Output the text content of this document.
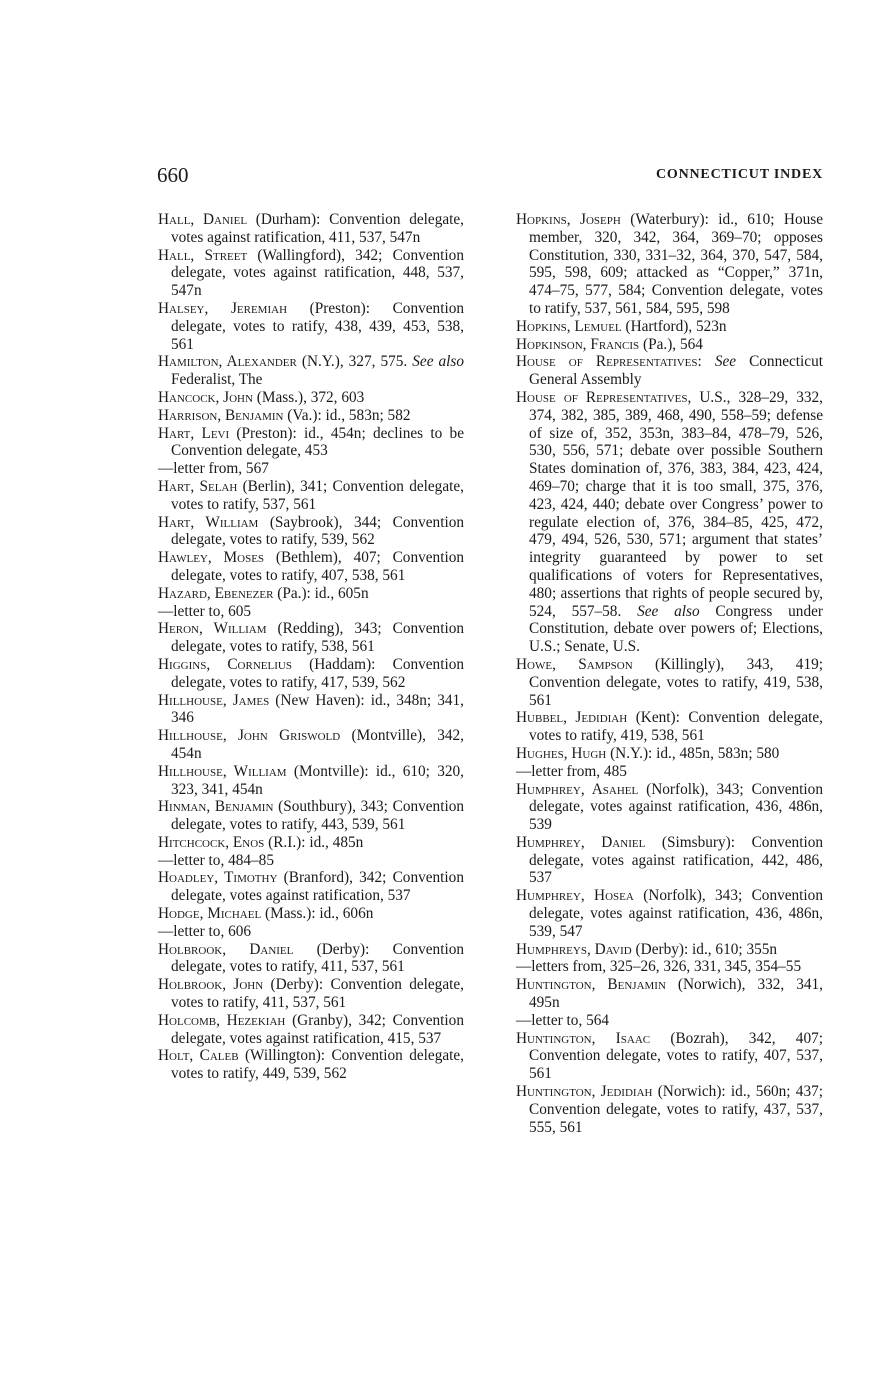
660	CONNECTICUT INDEX
Hall, Daniel (Durham): Convention delegate, votes against ratification, 411, 537, 547n
Hall, Street (Wallingford), 342; Convention delegate, votes against ratification, 448, 537, 547n
Halsey, Jeremiah (Preston): Convention delegate, votes to ratify, 438, 439, 453, 538, 561
Hamilton, Alexander (N.Y.), 327, 575. See also Federalist, The
Hancock, John (Mass.), 372, 603
Harrison, Benjamin (Va.): id., 583n; 582
Hart, Levi (Preston): id., 454n; declines to be Convention delegate, 453
—letter from, 567
Hart, Selah (Berlin), 341; Convention delegate, votes to ratify, 537, 561
Hart, William (Saybrook), 344; Convention delegate, votes to ratify, 539, 562
Hawley, Moses (Bethlem), 407; Convention delegate, votes to ratify, 407, 538, 561
Hazard, Ebenezer (Pa.): id., 605n
—letter to, 605
Heron, William (Redding), 343; Convention delegate, votes to ratify, 538, 561
Higgins, Cornelius (Haddam): Convention delegate, votes to ratify, 417, 539, 562
Hillhouse, James (New Haven): id., 348n; 341, 346
Hillhouse, John Griswold (Montville), 342, 454n
Hillhouse, William (Montville): id., 610; 320, 323, 341, 454n
Hinman, Benjamin (Southbury), 343; Convention delegate, votes to ratify, 443, 539, 561
Hitchcock, Enos (R.I.): id., 485n
—letter to, 484–85
Hoadley, Timothy (Branford), 342; Convention delegate, votes against ratification, 537
Hodge, Michael (Mass.): id., 606n
—letter to, 606
Holbrook, Daniel (Derby): Convention delegate, votes to ratify, 411, 537, 561
Holbrook, John (Derby): Convention delegate, votes to ratify, 411, 537, 561
Holcomb, Hezekiah (Granby), 342; Convention delegate, votes against ratification, 415, 537
Holt, Caleb (Willington): Convention delegate, votes to ratify, 449, 539, 562
Hopkins, Joseph (Waterbury): id., 610; House member, 320, 342, 364, 369–70; opposes Constitution, 330, 331–32, 364, 370, 547, 584, 595, 598, 609; attacked as “Copper,” 371n, 474–75, 577, 584; Convention delegate, votes to ratify, 537, 561, 584, 595, 598
Hopkins, Lemuel (Hartford), 523n
Hopkinson, Francis (Pa.), 564
House of Representatives: See Connecticut General Assembly
House of Representatives, U.S., 328–29, 332, 374, 382, 385, 389, 468, 490, 558–59; defense of size of, 352, 353n, 383–84, 478–79, 526, 530, 556, 571; debate over possible Southern States domination of, 376, 383, 384, 423, 424, 469–70; charge that it is too small, 375, 376, 423, 424, 440; debate over Congress’ power to regulate election of, 376, 384–85, 425, 472, 479, 494, 526, 530, 571; argument that states’ integrity guaranteed by power to set qualifications of voters for Representatives, 480; assertions that rights of people secured by, 524, 557–58. See also Congress under Constitution, debate over powers of; Elections, U.S.; Senate, U.S.
Howe, Sampson (Killingly), 343, 419; Convention delegate, votes to ratify, 419, 538, 561
Hubbel, Jedidiah (Kent): Convention delegate, votes to ratify, 419, 538, 561
Hughes, Hugh (N.Y.): id., 485n, 583n; 580
—letter from, 485
Humphrey, Asahel (Norfolk), 343; Convention delegate, votes against ratification, 436, 486n, 539
Humphrey, Daniel (Simsbury): Convention delegate, votes against ratification, 442, 486, 537
Humphrey, Hosea (Norfolk), 343; Convention delegate, votes against ratification, 436, 486n, 539, 547
Humphreys, David (Derby): id., 610; 355n
—letters from, 325–26, 326, 331, 345, 354–55
Huntington, Benjamin (Norwich), 332, 341, 495n
—letter to, 564
Huntington, Isaac (Bozrah), 342, 407; Convention delegate, votes to ratify, 407, 537, 561
Huntington, Jedidiah (Norwich): id., 560n; 437; Convention delegate, votes to ratify, 437, 537, 555, 561
